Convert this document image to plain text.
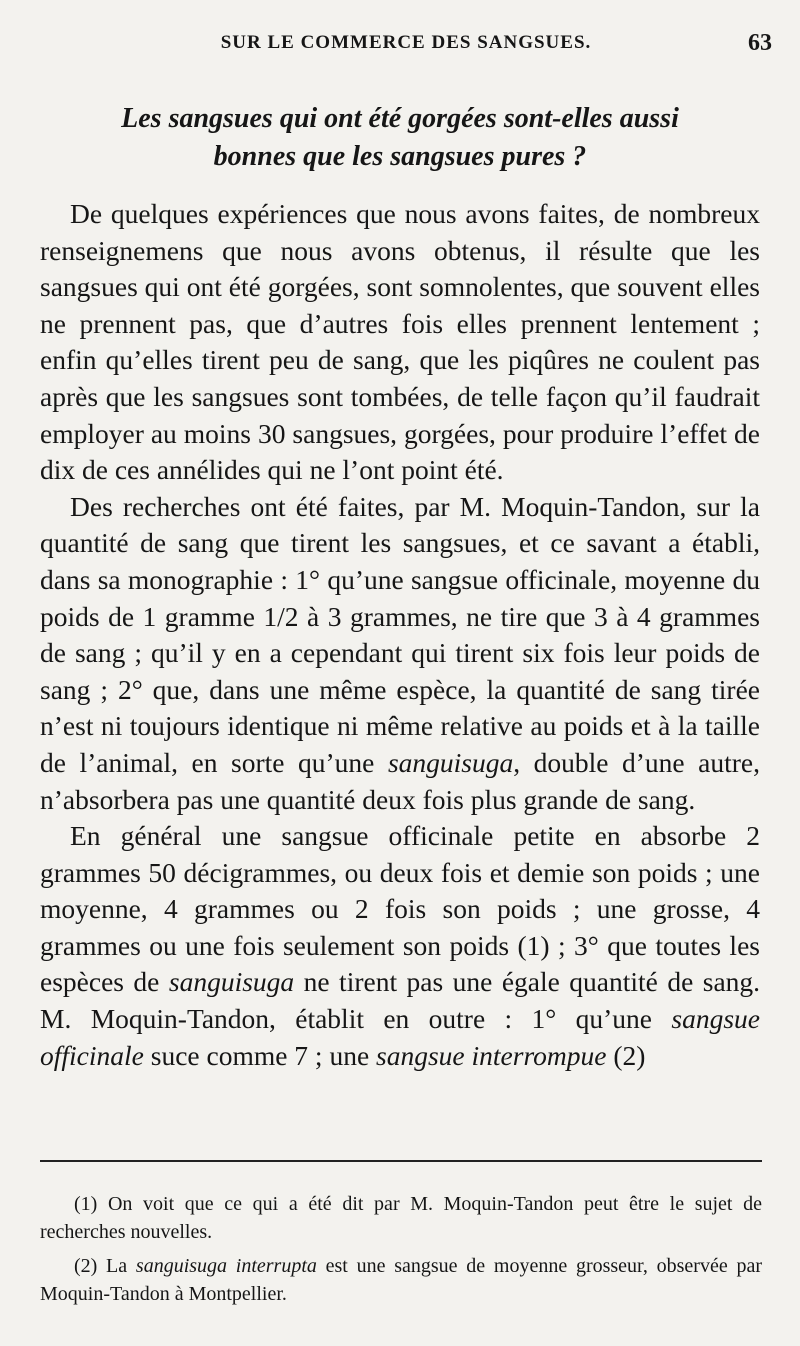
SUR LE COMMERCE DES SANGSUES.	63
Les sangsues qui ont été gorgées sont-elles aussi
bonnes que les sangsues pures ?

De quelques expériences que nous avons faites, de nombreux renseignemens que nous avons obtenus, il résulte que les sangsues qui ont été gorgées, sont somnolentes, que souvent elles ne prennent pas, que d’autres fois elles prennent lentement ; enfin qu’elles tirent peu de sang, que les piqûres ne coulent pas après que les sangsues sont tombées, de telle façon qu’il faudrait employer au moins 30 sangsues, gorgées, pour produire l’effet de dix de ces annélides qui ne l’ont point été.

Des recherches ont été faites, par M. Moquin-Tandon, sur la quantité de sang que tirent les sangsues, et ce savant a établi, dans sa monographie : 1° qu’une sangsue officinale, moyenne du poids de 1 gramme 1/2 à 3 grammes, ne tire que 3 à 4 grammes de sang ; qu’il y en a cependant qui tirent six fois leur poids de sang ; 2° que, dans une même espèce, la quantité de sang tirée n’est ni toujours identique ni même relative au poids et à la taille de l’animal, en sorte qu’une sanguisuga, double d’une autre, n’absorbera pas une quantité deux fois plus grande de sang.

En général une sangsue officinale petite en absorbe 2 grammes 50 décigrammes, ou deux fois et demie son poids ; une moyenne, 4 grammes ou 2 fois son poids ; une grosse, 4 grammes ou une fois seulement son poids (1) ; 3° que toutes les espèces de sanguisuga ne tirent pas une égale quantité de sang. M. Moquin-Tandon, établit en outre : 1° qu’une sangsue officinale suce comme 7 ; une sangsue interrompue (2)

(1) On voit que ce qui a été dit par M. Moquin-Tandon peut être le sujet de recherches nouvelles.

(2) La sanguisuga interrupta est une sangsue de moyenne grosseur, observée par Moquin-Tandon à Montpellier.
